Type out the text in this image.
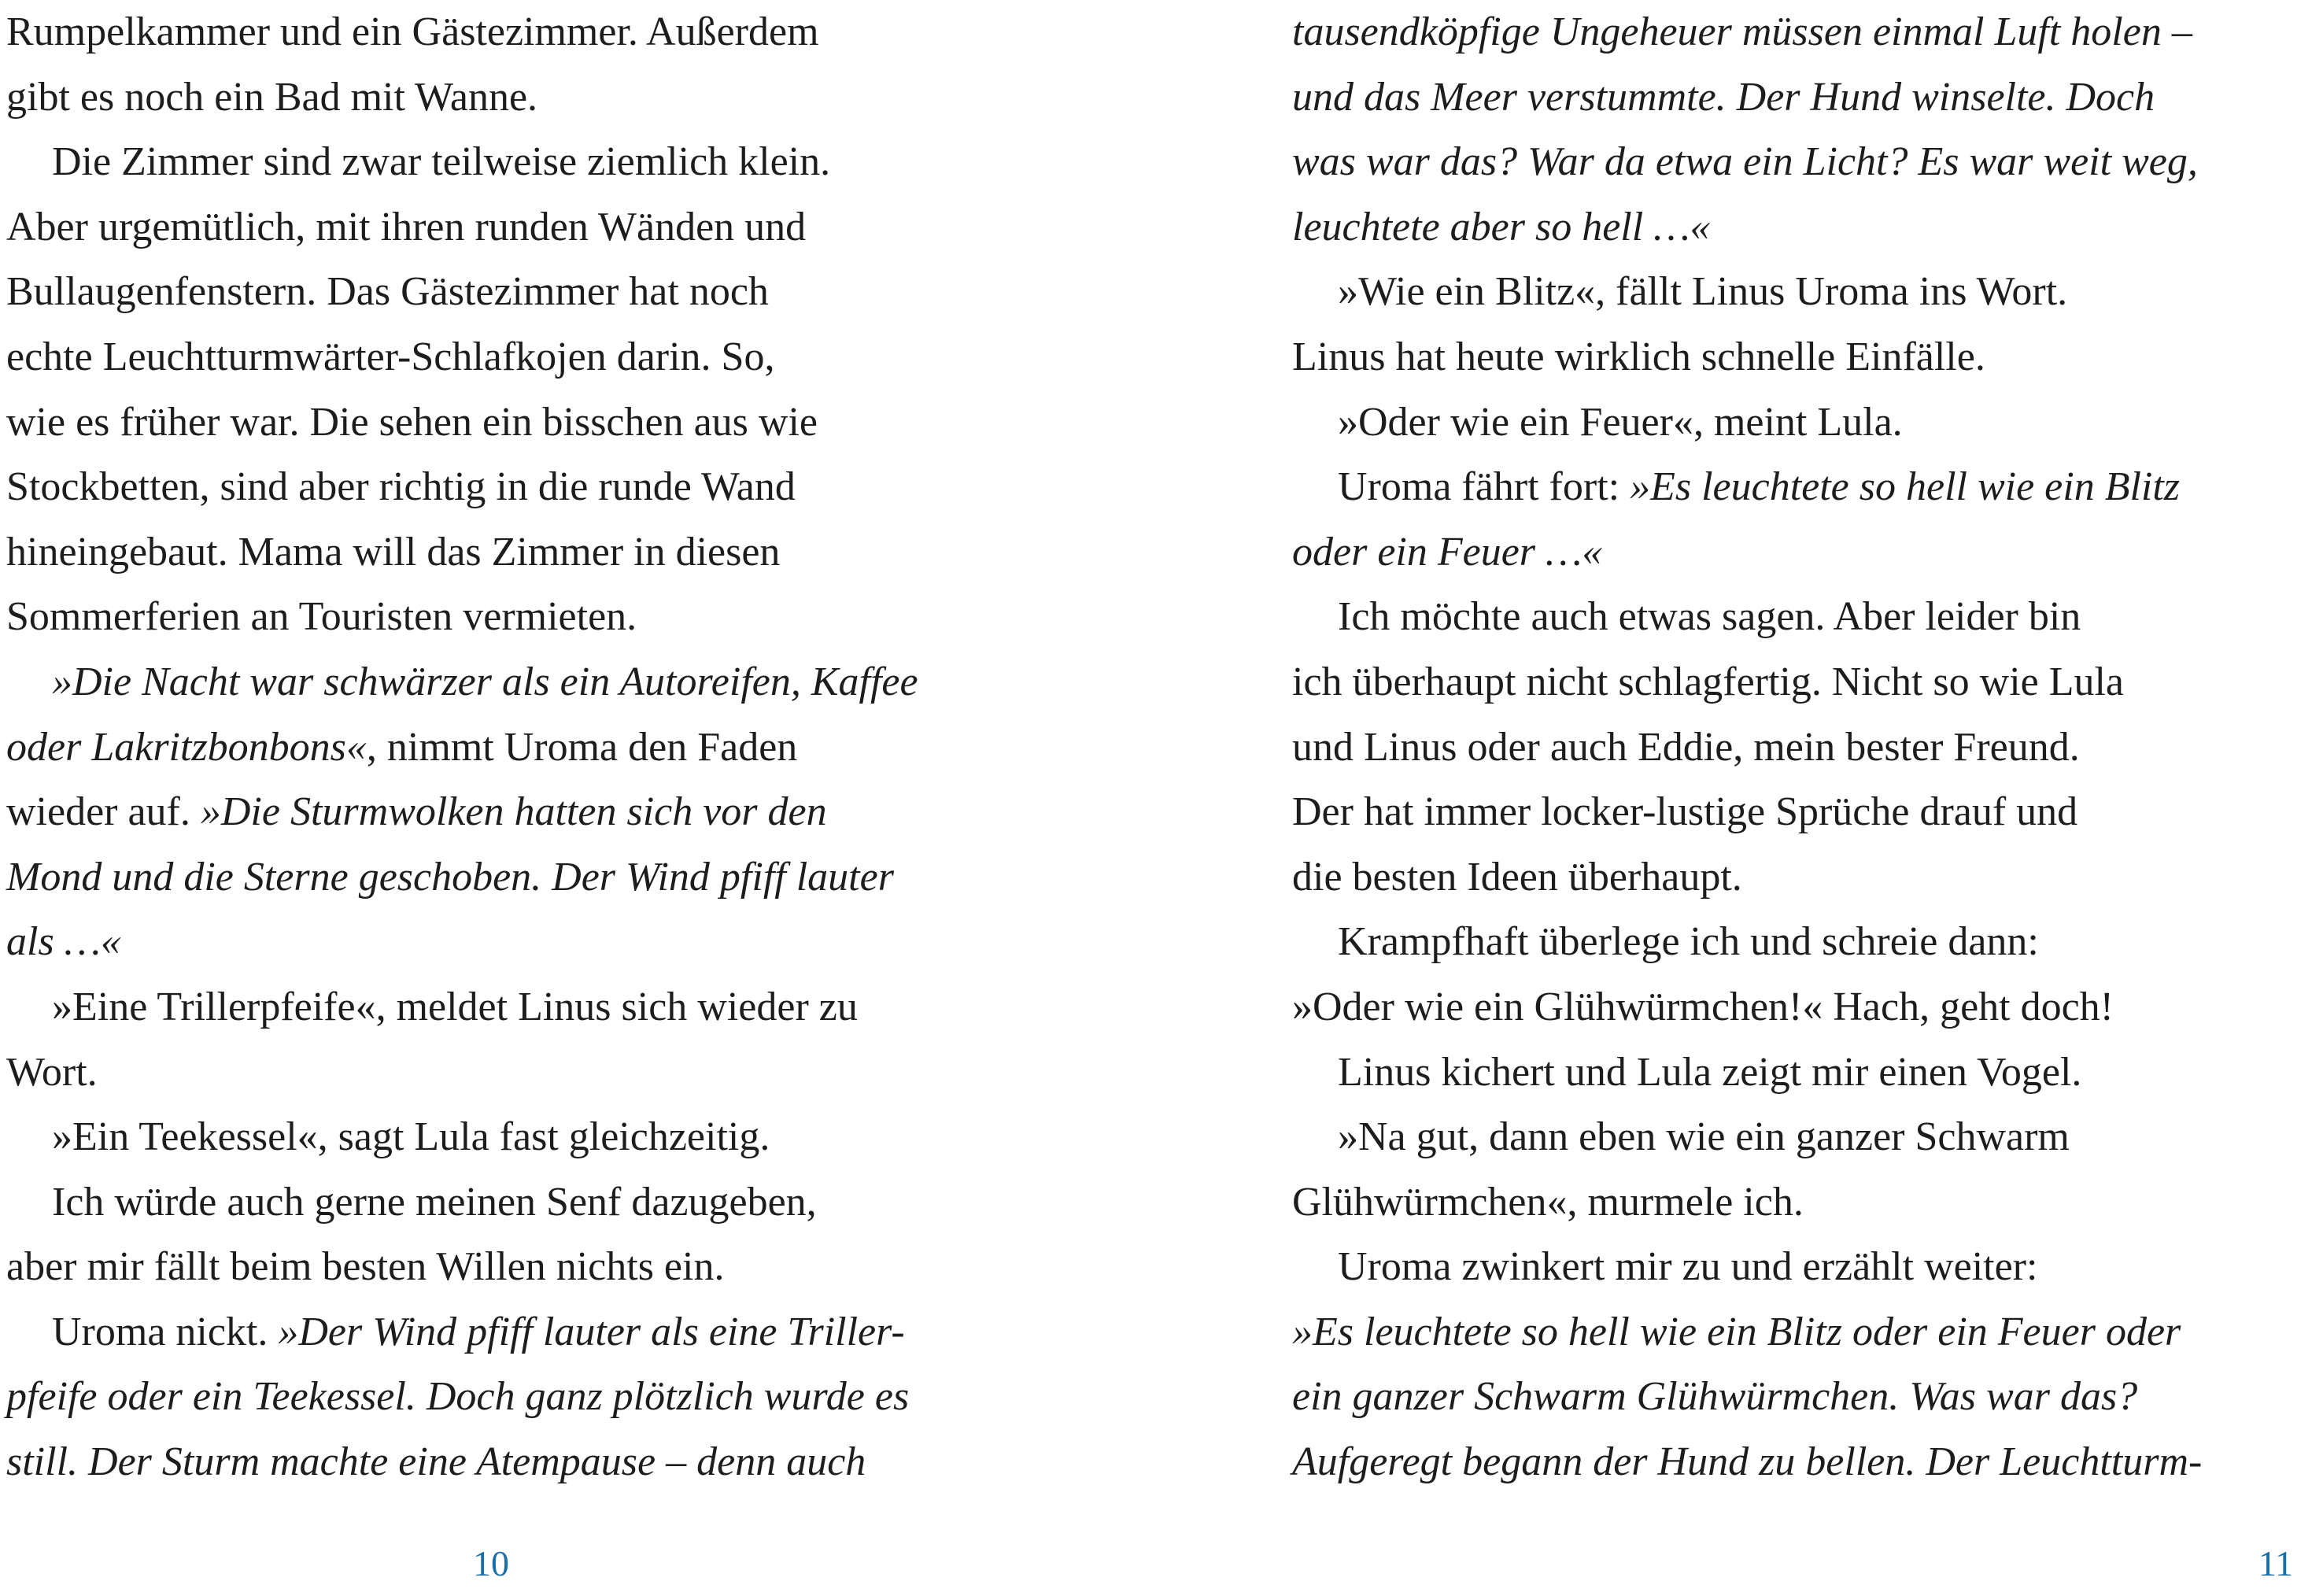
Rumpelkammer und ein Gästezimmer. Außerdem
gibt es noch ein Bad mit Wanne.
Die Zimmer sind zwar teilweise ziemlich klein.
Aber urgemütlich, mit ihren runden Wänden und
Bullaugenfenstern. Das Gästezimmer hat noch
echte Leuchtturmwärter-Schlafkojen darin. So,
wie es früher war. Die sehen ein bisschen aus wie
Stockbetten, sind aber richtig in die runde Wand
hineingebaut. Mama will das Zimmer in diesen
Sommerferien an Touristen vermieten.
»Die Nacht war schwärzer als ein Autoreifen, Kaffee
oder Lakritzbonbons«, nimmt Uroma den Faden
wieder auf. »Die Sturmwolken hatten sich vor den
Mond und die Sterne geschoben. Der Wind pfiff lauter
als …«
»Eine Trillerpfeife«, meldet Linus sich wieder zu
Wort.
»Ein Teekessel«, sagt Lula fast gleichzeitig.
Ich würde auch gerne meinen Senf dazugeben,
aber mir fällt beim besten Willen nichts ein.
Uroma nickt. »Der Wind pfiff lauter als eine Triller-
pfeife oder ein Teekessel. Doch ganz plötzlich wurde es
still. Der Sturm machte eine Atempause – denn auch
10
tausendköpfige Ungeheuer müssen einmal Luft holen –
und das Meer verstummte. Der Hund winselte. Doch
was war das? War da etwa ein Licht? Es war weit weg,
leuchtete aber so hell …«
»Wie ein Blitz«, fällt Linus Uroma ins Wort.
Linus hat heute wirklich schnelle Einfälle.
»Oder wie ein Feuer«, meint Lula.
Uroma fährt fort: »Es leuchtete so hell wie ein Blitz
oder ein Feuer …«
Ich möchte auch etwas sagen. Aber leider bin
ich überhaupt nicht schlagfertig. Nicht so wie Lula
und Linus oder auch Eddie, mein bester Freund.
Der hat immer locker-lustige Sprüche drauf und
die besten Ideen überhaupt.
Krampfhaft überlege ich und schreie dann:
»Oder wie ein Glühwürmchen!« Hach, geht doch!
Linus kichert und Lula zeigt mir einen Vogel.
»Na gut, dann eben wie ein ganzer Schwarm
Glühwürmchen«, murmele ich.
Uroma zwinkert mir zu und erzählt weiter:
»Es leuchtete so hell wie ein Blitz oder ein Feuer oder
ein ganzer Schwarm Glühwürmchen. Was war das?
Aufgeregt begann der Hund zu bellen. Der Leuchtturm-
11
